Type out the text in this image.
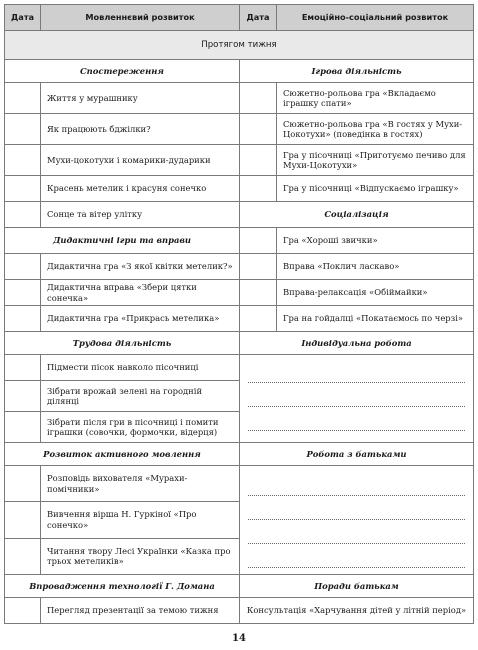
Дата	Мовленнєвий розвиток	Дата	Емоційно-соціальний розвиток
Протягом тижня			
Спостереження		Ігрова діяльність	
	Життя у мурашнику		Сюжетно-рольова гра «Вкладаємо іграшку спати»
	Як працюють бджілки?		Сюжетно-рольова гра «В гостях у Мухи-Цокотухи» (поведінка в гостях)
	Мухи-цокотухи і комарики-дударики		Гра у пісочниці «Приготуємо печиво для Мухи-Цокотухи»
	Красень метелик і красуня сонечко		Гра у пісочниці «Відпускаємо іграшку»
	Сонце та вітер улітку	Соціалізація	
Дидактичні ігри та вправи			Гра «Хороші звички»
	Дидактична гра «З якої квітки метелик?»		Вправа «Поклич ласкаво»
	Дидактична вправа «Збери цятки сонечка»		Вправа-релаксація «Обіймайки»
	Дидактична гра «Прикрась метелика»		Гра на гойдалці «Покатаємось по черзі»
Трудова діяльність		Індивідуальна робота	
	Підмести пісок навколо пісочниці		

	Зібрати врожай зелені на городній ділянці		
	Зібрати після гри в пісочниці і помити іграшки (совочки, формочки, відерця)		
Розвиток активного мовлення		Робота з батьками	
	Розповідь вихователя «Мурахи-помічники»		

	Вивчення вірша Н. Гуркіної «Про сонечко»		
	Читання твору Лесі Українки «Казка про трьох метеликів»		
Впровадження технології Г. Домана		Поради батькам	
	Перегляд презентації за темою тижня	Консультація «Харчування дітей у літній період»	
14
